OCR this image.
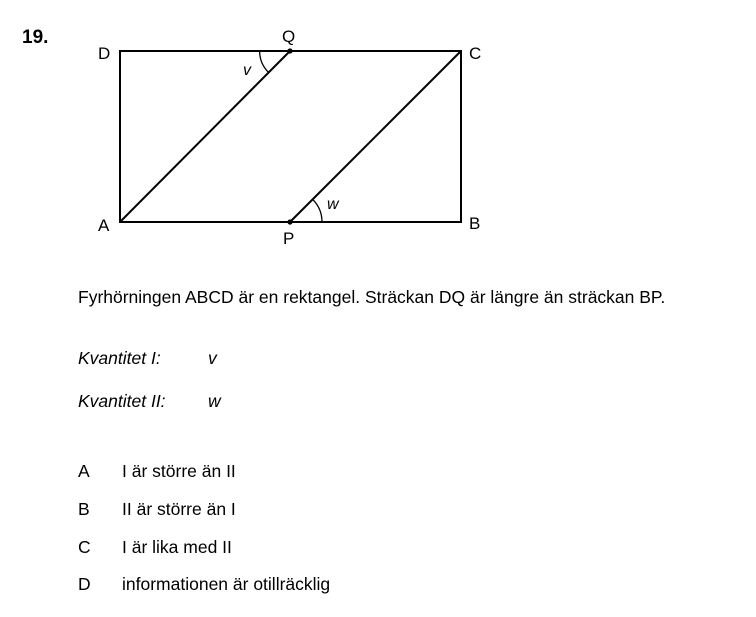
19.
D
Q
C
A
P
B
v
w
Fyrhörningen ABCD är en rektangel. Sträckan DQ är längre än sträckan BP.
Kvantitet I:	v
Kvantitet II: w
A I är större än II
B II är större än I
C I är lika med II
D informationen är otillräcklig
